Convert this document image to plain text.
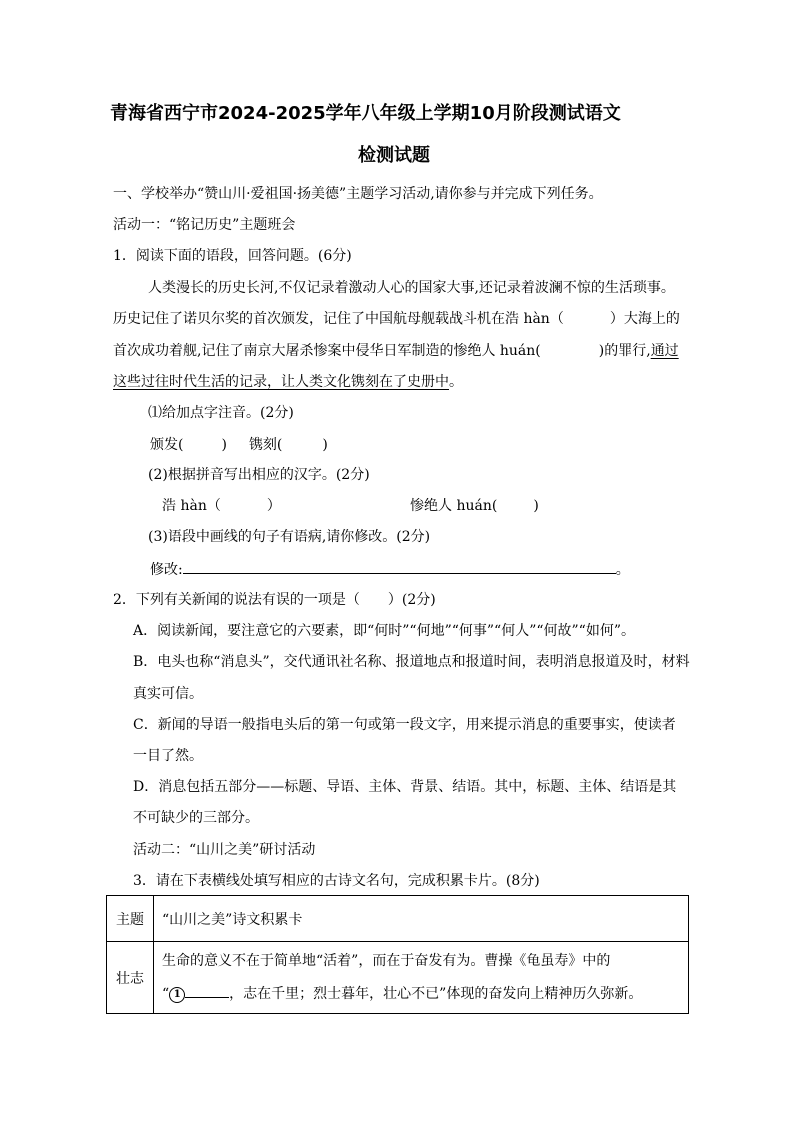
青海省西宁市2024-2025学年八年级上学期10月阶段测试语文
检测试题
一、学校举办“赞山川·爱祖国·扬美德”主题学习活动,请你参与并完成下列任务。
活动一：“铭记历史”主题班会
1．阅读下面的语段，回答问题。(6分)
人类漫长的历史长河,不仅记录着激动人心的国家大事,还记录着波澜不惊的生活琐事。
历史记住了诺贝尔奖的首次颁发，记住了中国航母舰载战斗机在浩 hàn（	）大海上的
首次成功着舰,记住了南京大屠杀惨案中侵华日军制造的惨绝人 huán(	)的罪行,通过
这些过往时代生活的记录，让人类文化镌刻在了史册中。
⑴给加点字注音。(2分)
颁发(	) 镌刻(	)
(2)根据拼音写出相应的汉字。(2分)
浩 hàn（	）	惨绝人 huán(	)
(3)语段中画线的句子有语病,请你修改。(2分)
修改:	。
2．下列有关新闻的说法有误的一项是（　　）(2分)
A．阅读新闻，要注意它的六要素，即“何时”“何地”“何事”“何人”“何故”“如何”。
B．电头也称“消息头”，交代通讯社名称、报道地点和报道时间，表明消息报道及时，材料
真实可信。
C．新闻的导语一般指电头后的第一句或第一段文字，用来提示消息的重要事实，使读者
一目了然。
D．消息包括五部分——标题、导语、主体、背景、结语。其中，标题、主体、结语是其
不可缺少的三部分。
活动二：“山川之美”研讨活动
3．请在下表横线处填写相应的古诗文名句，完成积累卡片。(8分)
主题	“山川之美”诗文积累卡
壮志	生命的意义不在于简单地“活着”，而在于奋发有为。曹操《龟虽寿》中的
“ 1 ，志在千里；烈士暮年，壮心不已”体现的奋发向上精神历久弥新。
